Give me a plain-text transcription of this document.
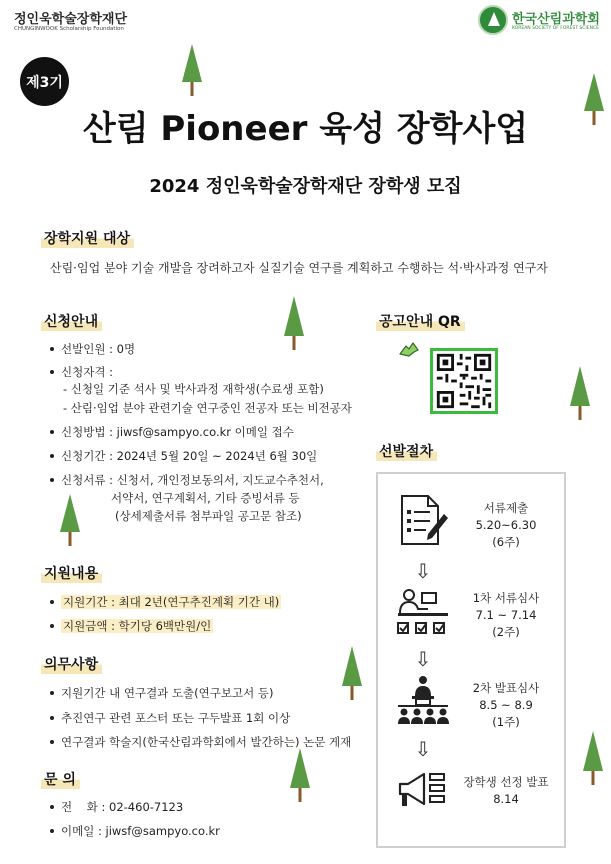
정인욱학술장학재단
CHUNGINWOOK Scholarship Foundation
한국산림과학회
KOREAN SOCIETY OF FOREST SCIENCE
제3기
산림 Pioneer 육성 장학사업
2024 정인욱학술장학재단 장학생 모집
장학지원 대상
산림·임업 분야 기술 개발을 장려하고자 실질기술 연구를 계획하고 수행하는 석·박사과정 연구자
신청안내
선발인원 : 0명
신청자격 :
- 신청일 기준 석사 및 박사과정 재학생(수료생 포함)
- 산림·임업 분야 관련기술 연구중인 전공자 또는 비전공자
신청방법 : jiwsf@sampyo.co.kr 이메일 접수
신청기간 : 2024년 5월 20일 ~ 2024년 6월 30일
신청서류 : 신청서, 개인정보동의서, 지도교수추천서,
서약서, 연구계획서, 기타 증빙서류 등
(상세제출서류 첨부파일 공고문 참조)
지원내용
지원기간 : 최대 2년(연구추진계획 기간 내)
지원금액 : 학기당 6백만원/인
의무사항
지원기간 내 연구결과 도출(연구보고서 등)
추진연구 관련 포스터 또는 구두발표 1회 이상
연구결과 학술지(한국산림과학회에서 발간하는) 논문 게재
문 의
전    화 : 02-460-7123
이메일 : jiwsf@sampyo.co.kr
공고안내 QR
선발절차
서류제출
5.20~6.30
(6주)
⇩
1차 서류심사
7.1 ~ 7.14
(2주)
⇩
2차 발표심사
8.5 ~ 8.9
(1주)
⇩
장학생 선정 발표
8.14
